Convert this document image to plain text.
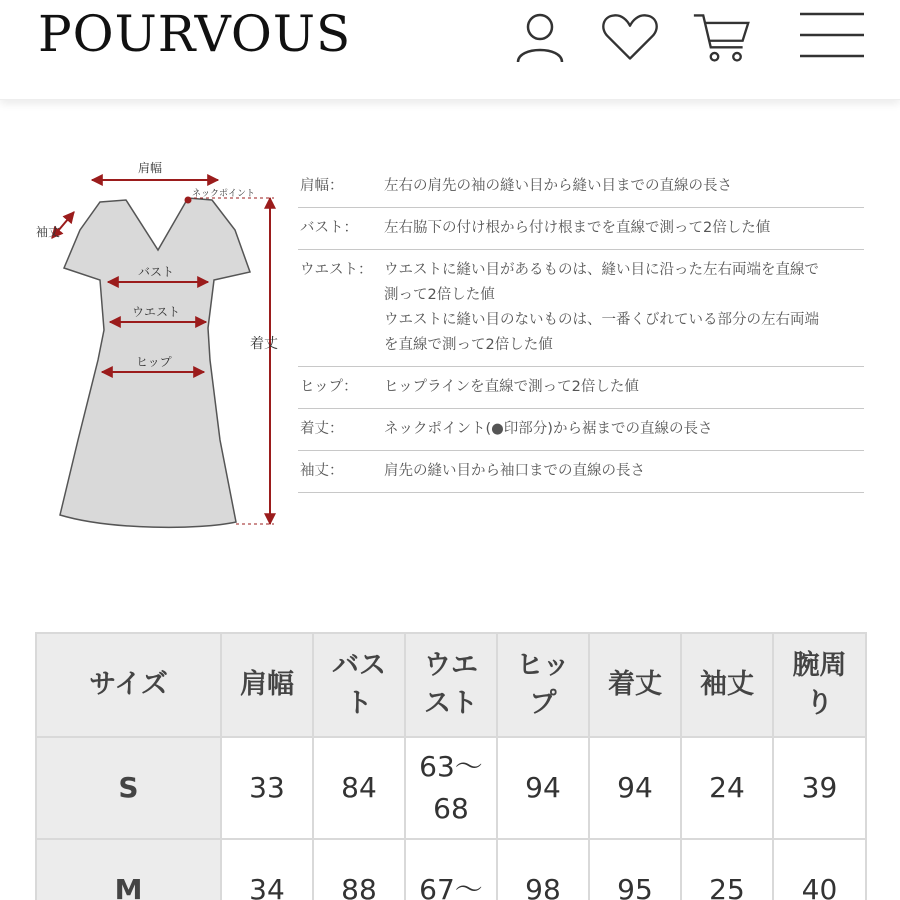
POURVOUS
肩幅
ネックポイント
袖丈
バスト
ウエスト
ヒップ
着丈
肩幅：	左右の肩先の袖の縫い目から縫い目までの直線の長さ
バスト：	左右脇下の付け根から付け根までを直線で測って2倍した値
ウエスト： ウエストに縫い目があるものは、縫い目に沿った左右両端を直線で
測って2倍した値
ウエストに縫い目のないものは、一番くびれている部分の左右両端
を直線で測って2倍した値
ヒップ：	ヒップラインを直線で測って2倍した値
着丈：	ネックポイント(●印部分)から裾までの直線の長さ
袖丈：	肩先の縫い目から袖口までの直線の長さ
サイズ	肩幅	バスト	ウエスト	ヒップ	着丈	袖丈	腕周り
S	33	84	63〜68	94	94	24	39
M	34	88	67〜	98	95	25	40
